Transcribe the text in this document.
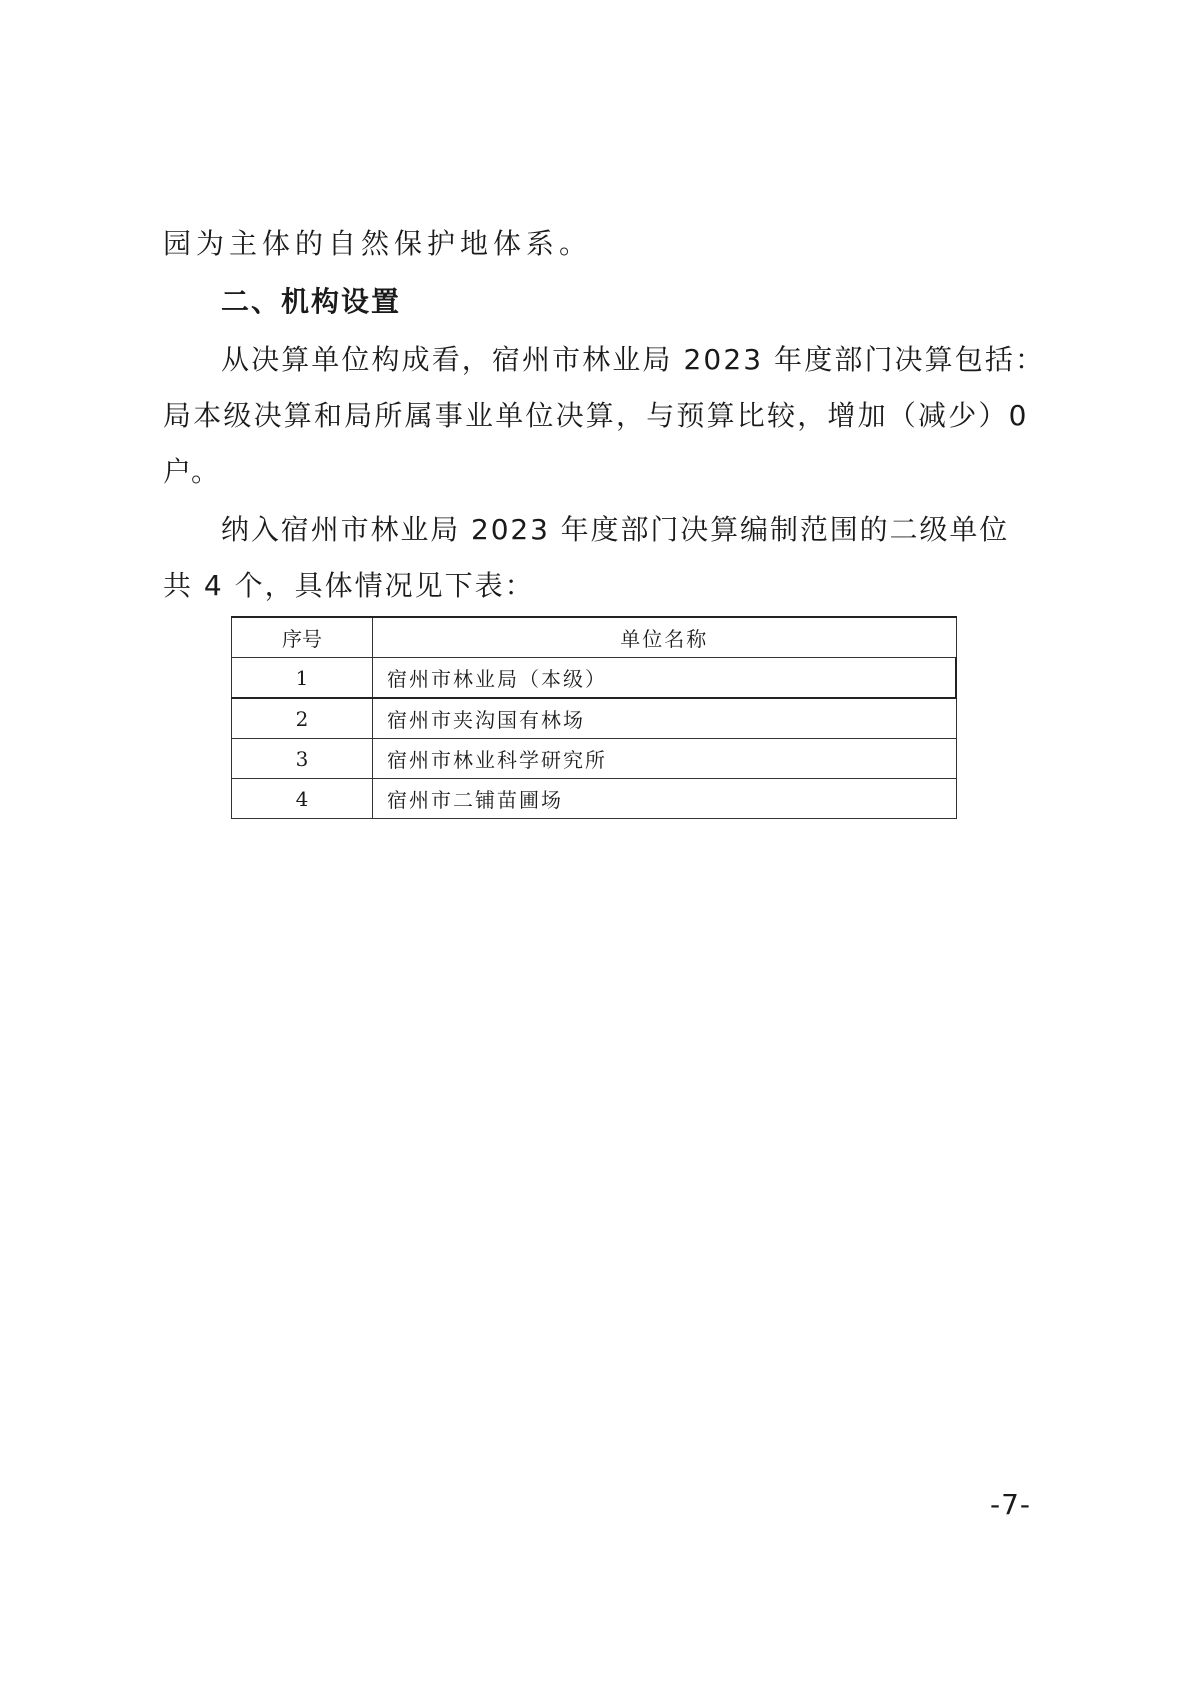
园为主体的自然保护地体系。
二、机构设置
从决算单位构成看，宿州市林业局 2023 年度部门决算包括：
局本级决算和局所属事业单位决算，与预算比较，增加（减少）0
户。
纳入宿州市林业局 2023 年度部门决算编制范围的二级单位
共 4 个，具体情况见下表：
序号	单位名称
1	宿州市林业局（本级）
2	宿州市夹沟国有林场
3	宿州市林业科学研究所
4	宿州市二铺苗圃场
-7-
